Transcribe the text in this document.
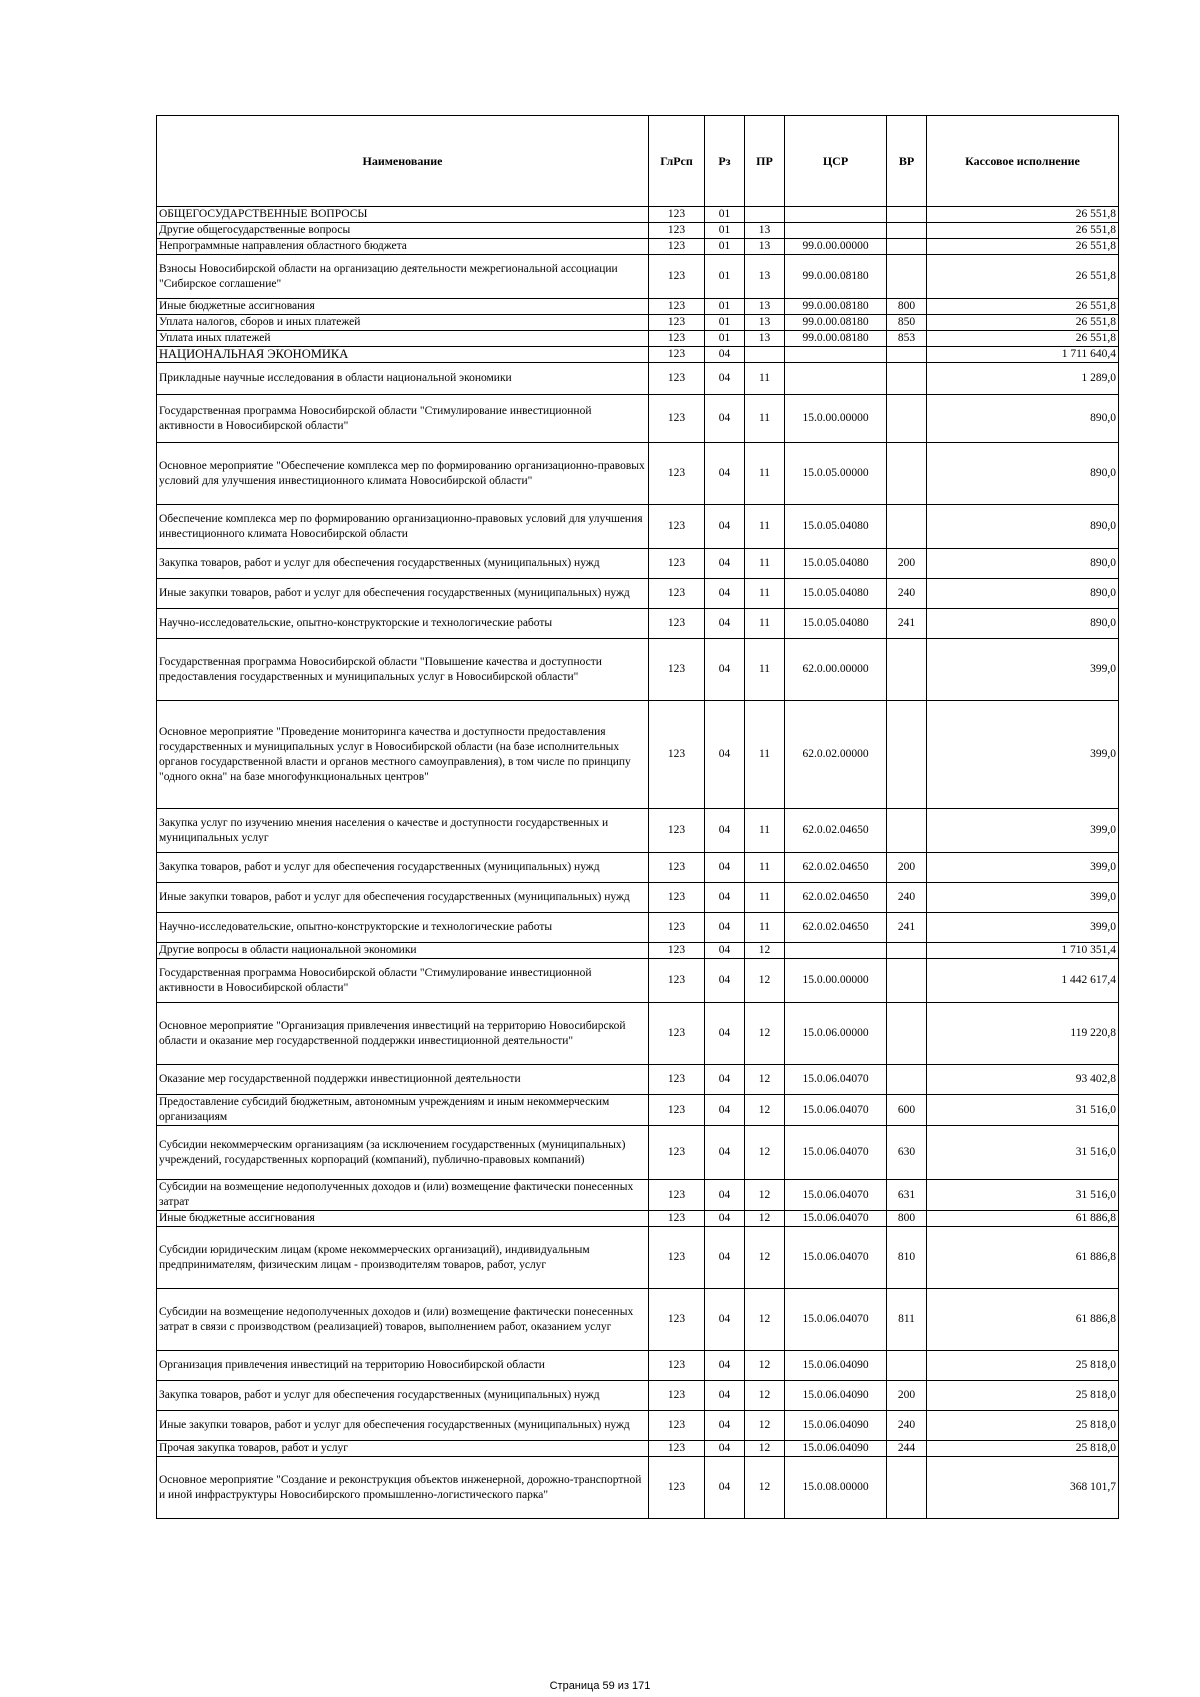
Наименование	ГлРсп	Рз	ПР	ЦСР	ВР	Кассовое исполнение
ОБЩЕГОСУДАРСТВЕННЫЕ ВОПРОСЫ	123	01				26 551,8
Другие общегосударственные вопросы	123	01	13			26 551,8
Непрограммные направления областного бюджета	123	01	13	99.0.00.00000		26 551,8
Взносы Новосибирской области на организацию деятельности межрегиональной ассоциации "Сибирское соглашение"	123	01	13	99.0.00.08180		26 551,8
Иные бюджетные ассигнования	123	01	13	99.0.00.08180	800	26 551,8
Уплата налогов, сборов и иных платежей	123	01	13	99.0.00.08180	850	26 551,8
Уплата иных платежей	123	01	13	99.0.00.08180	853	26 551,8
НАЦИОНАЛЬНАЯ ЭКОНОМИКА	123	04				1 711 640,4
Прикладные научные исследования в области национальной экономики	123	04	11			1 289,0
Государственная программа Новосибирской области "Стимулирование инвестиционной активности в Новосибирской области"	123	04	11	15.0.00.00000		890,0
Основное мероприятие "Обеспечение комплекса мер по формированию организационно-правовых условий для улучшения инвестиционного климата Новосибирской области"	123	04	11	15.0.05.00000		890,0
Обеспечение комплекса мер по формированию организационно-правовых условий для улучшения инвестиционного климата Новосибирской области	123	04	11	15.0.05.04080		890,0
Закупка товаров, работ и услуг для обеспечения государственных (муниципальных) нужд	123	04	11	15.0.05.04080	200	890,0
Иные закупки товаров, работ и услуг для обеспечения государственных (муниципальных) нужд	123	04	11	15.0.05.04080	240	890,0
Научно-исследовательские, опытно-конструкторские и технологические работы	123	04	11	15.0.05.04080	241	890,0
Государственная программа Новосибирской области "Повышение качества и доступности предоставления государственных и муниципальных услуг в Новосибирской области"	123	04	11	62.0.00.00000		399,0
Основное мероприятие "Проведение мониторинга качества и доступности предоставления государственных и муниципальных услуг в Новосибирской области (на базе исполнительных органов государственной власти и органов местного самоуправления), в том числе по принципу "одного окна" на базе многофункциональных центров"	123	04	11	62.0.02.00000		399,0
Закупка услуг по изучению мнения населения о качестве и доступности государственных и муниципальных услуг	123	04	11	62.0.02.04650		399,0
Закупка товаров, работ и услуг для обеспечения государственных (муниципальных) нужд	123	04	11	62.0.02.04650	200	399,0
Иные закупки товаров, работ и услуг для обеспечения государственных (муниципальных) нужд	123	04	11	62.0.02.04650	240	399,0
Научно-исследовательские, опытно-конструкторские и технологические работы	123	04	11	62.0.02.04650	241	399,0
Другие вопросы в области национальной экономики	123	04	12			1 710 351,4
Государственная программа Новосибирской области "Стимулирование инвестиционной активности в Новосибирской области"	123	04	12	15.0.00.00000		1 442 617,4
Основное мероприятие "Организация привлечения инвестиций на территорию Новосибирской области и оказание мер государственной поддержки инвестиционной деятельности"	123	04	12	15.0.06.00000		119 220,8
Оказание мер государственной поддержки инвестиционной деятельности	123	04	12	15.0.06.04070		93 402,8
Предоставление субсидий бюджетным, автономным учреждениям и иным некоммерческим организациям	123	04	12	15.0.06.04070	600	31 516,0
Субсидии некоммерческим организациям (за исключением государственных (муниципальных) учреждений, государственных корпораций (компаний), публично-правовых компаний)	123	04	12	15.0.06.04070	630	31 516,0
Субсидии на возмещение недополученных доходов и (или) возмещение фактически понесенных затрат	123	04	12	15.0.06.04070	631	31 516,0
Иные бюджетные ассигнования	123	04	12	15.0.06.04070	800	61 886,8
Субсидии юридическим лицам (кроме некоммерческих организаций), индивидуальным предпринимателям, физическим лицам - производителям товаров, работ, услуг	123	04	12	15.0.06.04070	810	61 886,8
Субсидии на возмещение недополученных доходов и (или) возмещение фактически понесенных затрат в связи с производством (реализацией) товаров, выполнением работ, оказанием услуг	123	04	12	15.0.06.04070	811	61 886,8
Организация привлечения инвестиций на территорию Новосибирской области	123	04	12	15.0.06.04090		25 818,0
Закупка товаров, работ и услуг для обеспечения государственных (муниципальных) нужд	123	04	12	15.0.06.04090	200	25 818,0
Иные закупки товаров, работ и услуг для обеспечения государственных (муниципальных) нужд	123	04	12	15.0.06.04090	240	25 818,0
Прочая закупка товаров, работ и услуг	123	04	12	15.0.06.04090	244	25 818,0
Основное мероприятие "Создание и реконструкция объектов инженерной, дорожно-транспортной и иной инфраструктуры Новосибирского промышленно-логистического парка"	123	04	12	15.0.08.00000		368 101,7
Страница 59 из 171
